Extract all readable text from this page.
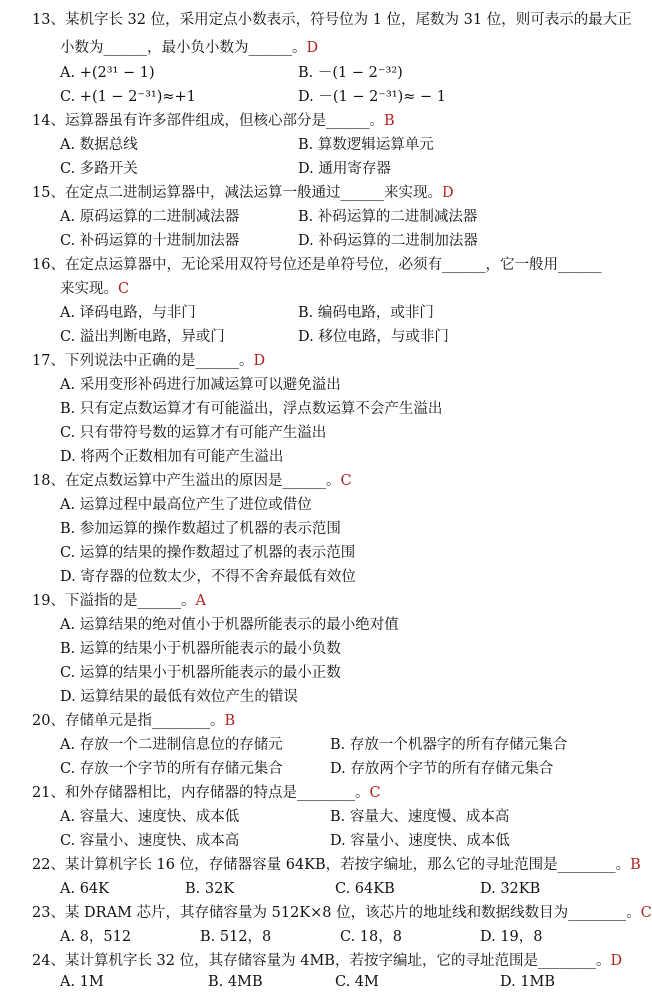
13、某机字长 32 位，采用定点小数表示，符号位为 1 位，尾数为 31 位，则可表示的最大正
小数为______，最小负小数为______。D
A. +(2³¹ − 1)	B. －(1 − 2⁻³²)
C. +(1 − 2⁻³¹)≈+1	D. －(1 − 2⁻³¹)≈ − 1
14、运算器虽有许多部件组成，但核心部分是______。B
A. 数据总线	B. 算数逻辑运算单元
C. 多路开关	D. 通用寄存器
15、在定点二进制运算器中，减法运算一般通过______来实现。D
A. 原码运算的二进制减法器	B. 补码运算的二进制减法器
C. 补码运算的十进制加法器	D. 补码运算的二进制加法器
16、在定点运算器中，无论采用双符号位还是单符号位，必须有______，它一般用______
来实现。C
A. 译码电路，与非门	B. 编码电路，或非门
C. 溢出判断电路，异或门	D. 移位电路，与或非门
17、下列说法中正确的是______。D
A. 采用变形补码进行加减运算可以避免溢出
B. 只有定点数运算才有可能溢出，浮点数运算不会产生溢出
C. 只有带符号数的运算才有可能产生溢出
D. 将两个正数相加有可能产生溢出
18、在定点数运算中产生溢出的原因是______。C
A. 运算过程中最高位产生了进位或借位
B. 参加运算的操作数超过了机器的表示范围
C. 运算的结果的操作数超过了机器的表示范围
D. 寄存器的位数太少，不得不舍弃最低有效位
19、下溢指的是______。A
A. 运算结果的绝对值小于机器所能表示的最小绝对值
B. 运算的结果小于机器所能表示的最小负数
C. 运算的结果小于机器所能表示的最小正数
D. 运算结果的最低有效位产生的错误
20、存储单元是指________。B
A. 存放一个二进制信息位的存储元	B. 存放一个机器字的所有存储元集合
C. 存放一个字节的所有存储元集合	D. 存放两个字节的所有存储元集合
21、和外存储器相比，内存储器的特点是________。C
A. 容量大、速度快、成本低	B. 容量大、速度慢、成本高
C. 容量小、速度快、成本高	D. 容量小、速度快、成本低
22、某计算机字长 16 位，存储器容量 64KB，若按字编址，那么它的寻址范围是________。B
A. 64K	B. 32K	C. 64KB	D. 32KB
23、某 DRAM 芯片，其存储容量为 512K×8 位，该芯片的地址线和数据线数目为________。C
A. 8，512	B. 512，8	C. 18，8	D. 19，8
24、某计算机字长 32 位，其存储容量为 4MB，若按字编址，它的寻址范围是________。D
A. 1M	B. 4MB	C. 4M	D. 1MB
